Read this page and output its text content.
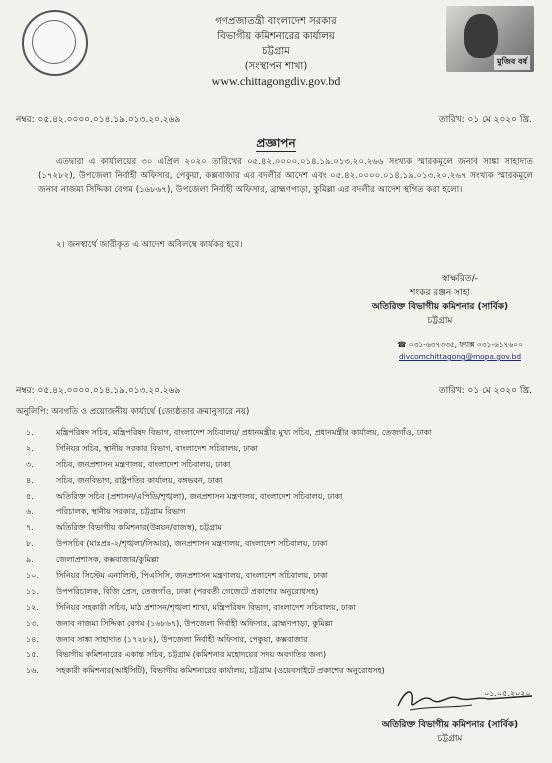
মুজিব বর্ষ
গণপ্রজাতন্ত্রী বাংলাদেশ সরকার
বিভাগীয় কমিশনারের কার্যালয়
চট্টগ্রাম
(সংস্থাপন শাখা)
www.chittagongdiv.gov.bd
নম্বর: ০৫.৪২.০০০০.০১৪.১৯.০১৩.২০.২৬৯	তারিখ: ০১ মে ২০২০ খ্রি.
প্রজ্ঞাপন
এতদ্বারা এ কার্যালয়ের ৩০ এপ্রিল ২০২০ তারিখের ০৫.৪২.০০০০.০১৪.১৯.০১৩.২০.২৬৬ সংখ্যক স্মারকমূলে জনাব সাঙ্কা সাহাদাত (১৭২৮২), উপজেলা নির্বাহী অফিসার, পেকুয়া, কক্সবাজার এর বদলীর আদেশ এবং ০৫.৪২.০০০০.০১৪.১৯.০১৩.২০.২৬৭ সংখ্যক স্মারকমূলে জনাব নাজমা সিদ্দিকা বেগম (১৬৮৬৭), উপজেলা নির্বাহী অফিসার, ব্রাহ্মণপাড়া, কুমিল্লা এর বদলীর আদেশ স্থগিত করা হলো।
২। জনস্বার্থে জারীকৃত এ আদেশ অবিলম্বে কার্যকর হবে।
স্বাক্ষরিত/-
শংকর রঞ্জন সাহা
অতিরিক্ত বিভাগীয় কমিশনার (সার্বিক)
চট্টগ্রাম
☎ ০৩১-৬৩৭৩৩৫, ফ্যাক্স ০৩১-৬১৭৬০০
divcomchittagong@mopa.gov.bd
নম্বর: ০৫.৪২.০০০০.০১৪.১৯.০১৩.২০.২৬৯	তারিখ: ০১ মে ২০২০ খ্রি.
অনুলিপি: অবগতি ও প্রয়োজনীয় কার্যার্থে (জ্যেষ্ঠতার ক্রমানুসারে নয়)
১.	মন্ত্রিপরিষদ সচিব, মন্ত্রিপরিষদ বিভাগ, বাংলাদেশ সচিবালয়/ প্রধানমন্ত্রীর মুখ্য সচিব, প্রধানমন্ত্রীর কার্যালয়, তেজগাঁও, ঢাকা
২.	সিনিয়র সচিব, স্থানীয় সরকার বিভাগ, বাংলাদেশ সচিবালয়, ঢাকা
৩.	সচিব, জনপ্রশাসন মন্ত্রণালয়, বাংলাদেশ সচিবালয়, ঢাকা
৪.	সচিব, জনবিভাগ, রাষ্ট্রপতির কার্যালয়, বঙ্গভবন, ঢাকা
৫.	অতিরিক্ত সচিব (প্রশাসন/এপিডি/শৃঙ্খলা), জনপ্রশাসন মন্ত্রণালয়, বাংলাদেশ সচিবালয়, ঢাকা
৬.	পরিচালক, স্থানীয় সরকার, চট্টগ্রাম বিভাগ
৭.	অতিরিক্ত বিভাগীয় কমিশনার(উন্নয়ন/রাজস্ব), চট্টগ্রাম
৮.	উপসচিব (মাঃপ্রঃ-২/শৃঙ্খলা/সিআর), জনপ্রশাসন মন্ত্রণালয়, বাংলাদেশ সচিবালয়, ঢাকা
৯.	জেলাপ্রশাসক, কক্সবাজার/কুমিল্লা
১০.	সিনিয়র সিস্টেম এনালিস্ট, পিএসিসি, জনপ্রশাসন মন্ত্রণালয়, বাংলাদেশ সচিবালয়, ঢাকা
১১.	উপপরিচালক, বিজি প্রেস, তেজগাঁও, ঢাকা (পরবর্তী গেজেটে প্রকাশের অনুরোধসহ)
১২.	সিনিয়র সহকারী সচিব, মাঠ প্রশাসন/শৃঙ্খলা শাখা, মন্ত্রিপরিষদ বিভাগ, বাংলাদেশ সচিবালয়, ঢাকা
১৩.	জনাব নাজমা সিদ্দিকা বেগম (১৬৮৬৭), উপজেলা নির্বাহী অফিসার, ব্রাহ্মণপাড়া, কুমিল্লা
১৪.	জনাব সাঙ্কা সাহাদাত (১৭২৮২), উপজেলা নির্বাহী অফিসার, পেকুয়া, কক্সবাজার
১৫.	বিভাগীয় কমিশনারের একান্ত সচিব, চট্টগ্রাম (কমিশনার মহোদয়ের সদয় অবগতির জন্য)
১৬.	সহকারী কমিশনার(আইসিটি), বিভাগীয় কমিশনারের কার্যালয়, চট্টগ্রাম (ওয়েবসাইটে প্রকাশের অনুরোধসহ)
০১.০৫.২০২০
অতিরিক্ত বিভাগীয় কমিশনার (সার্বিক)
চট্টগ্রাম
